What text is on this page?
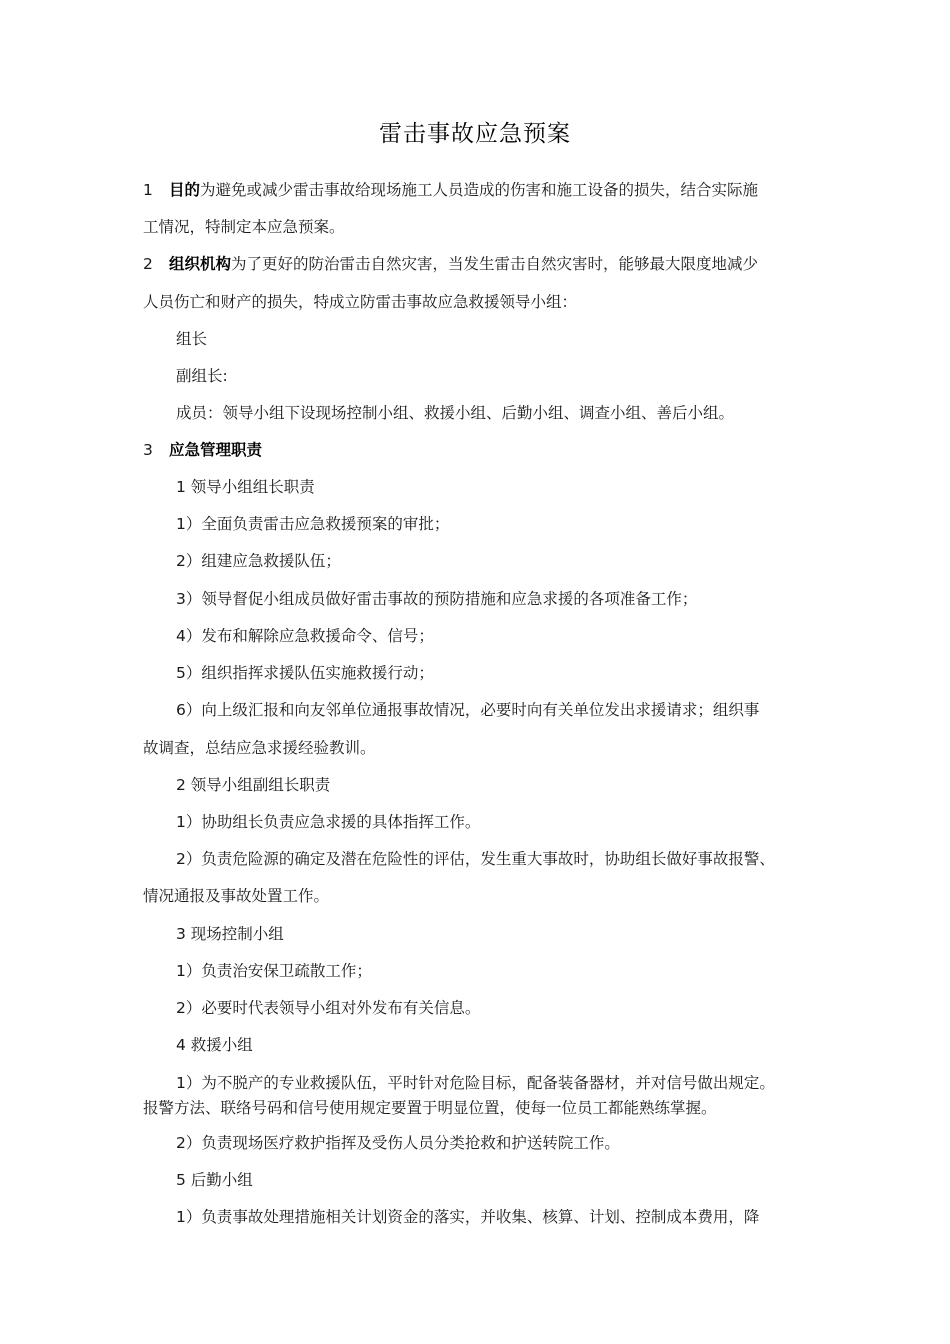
雷击事故应急预案

1 目的为避免或减少雷击事故给现场施工人员造成的伤害和施工设备的损失，结合实际施

工情况，特制定本应急预案。

2 组织机构为了更好的防治雷击自然灾害，当发生雷击自然灾害时，能够最大限度地减少

人员伤亡和财产的损失，特成立防雷击事故应急救援领导小组：

组长

副组长:

成员：领导小组下设现场控制小组、救援小组、后勤小组、调查小组、善后小组。

3 应急管理职责

1 领导小组组长职责

1）全面负责雷击应急救援预案的审批；

2）组建应急救援队伍；

3）领导督促小组成员做好雷击事故的预防措施和应急求援的各项准备工作；

4）发布和解除应急救援命令、信号；

5）组织指挥求援队伍实施救援行动；

6）向上级汇报和向友邻单位通报事故情况，必要时向有关单位发出求援请求；组织事

故调查，总结应急求援经验教训。

2 领导小组副组长职责

1）协助组长负责应急求援的具体指挥工作。

2）负责危险源的确定及潜在危险性的评估，发生重大事故时，协助组长做好事故报警、

情况通报及事故处置工作。

3 现场控制小组

1）负责治安保卫疏散工作；

2）必要时代表领导小组对外发布有关信息。

4 救援小组

1）为不脱产的专业救援队伍，平时针对危险目标，配备装备器材，并对信号做出规定。

报警方法、联络号码和信号使用规定要置于明显位置，使每一位员工都能熟练掌握。

2）负责现场医疗救护指挥及受伤人员分类抢救和护送转院工作。

5 后勤小组

1）负责事故处理措施相关计划资金的落实，并收集、核算、计划、控制成本费用，降
